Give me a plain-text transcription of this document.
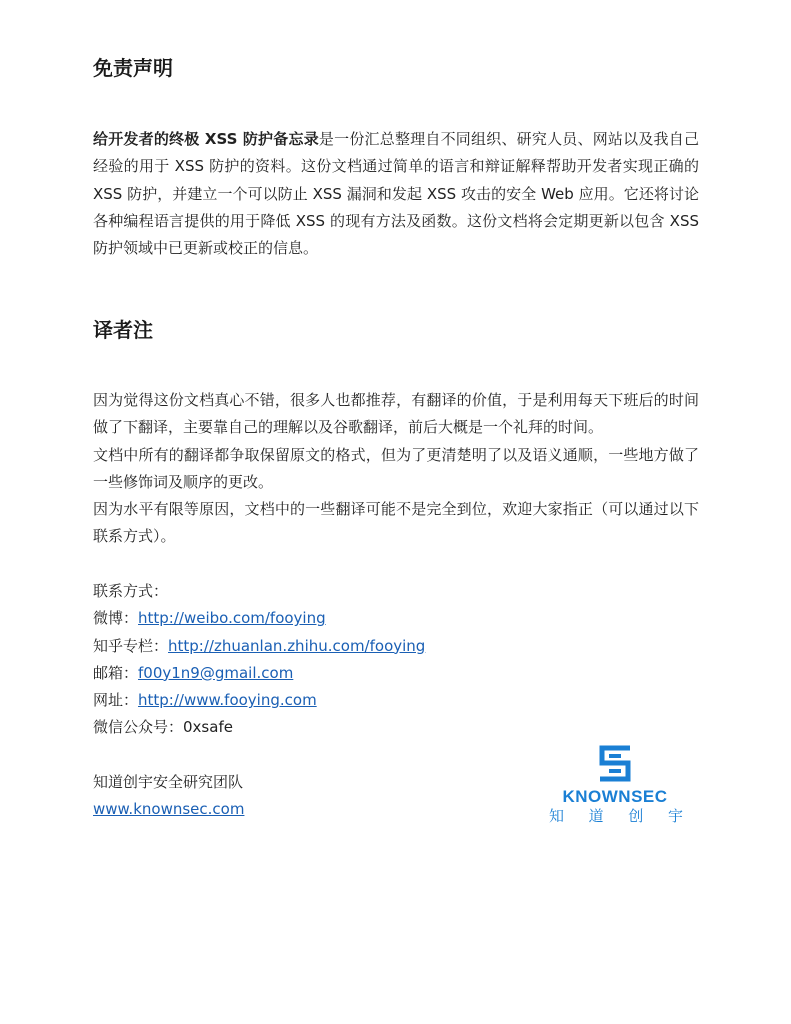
免责声明

给开发者的终极 XSS 防护备忘录是一份汇总整理自不同组织、研究人员、网站以及我自己经验的用于 XSS 防护的资料。这份文档通过简单的语言和辩证解释帮助开发者实现正确的 XSS 防护，并建立一个可以防止 XSS 漏洞和发起 XSS 攻击的安全 Web 应用。它还将讨论各种编程语言提供的用于降低 XSS 的现有方法及函数。这份文档将会定期更新以包含 XSS 防护领域中已更新或校正的信息。

译者注

因为觉得这份文档真心不错，很多人也都推荐，有翻译的价值，于是利用每天下班后的时间做了下翻译，主要靠自己的理解以及谷歌翻译，前后大概是一个礼拜的时间。

文档中所有的翻译都争取保留原文的格式，但为了更清楚明了以及语义通顺，一些地方做了一些修饰词及顺序的更改。

因为水平有限等原因，文档中的一些翻译可能不是完全到位，欢迎大家指正（可以通过以下联系方式）。

联系方式：
微博：http://weibo.com/fooying
知乎专栏：http://zhuanlan.zhihu.com/fooying
邮箱：f00y1n9@gmail.com
网址：http://www.fooying.com
微信公众号：0xsafe
知道创宇安全研究团队
www.knownsec.com
KNOWNSEC
知 道 创 宇
